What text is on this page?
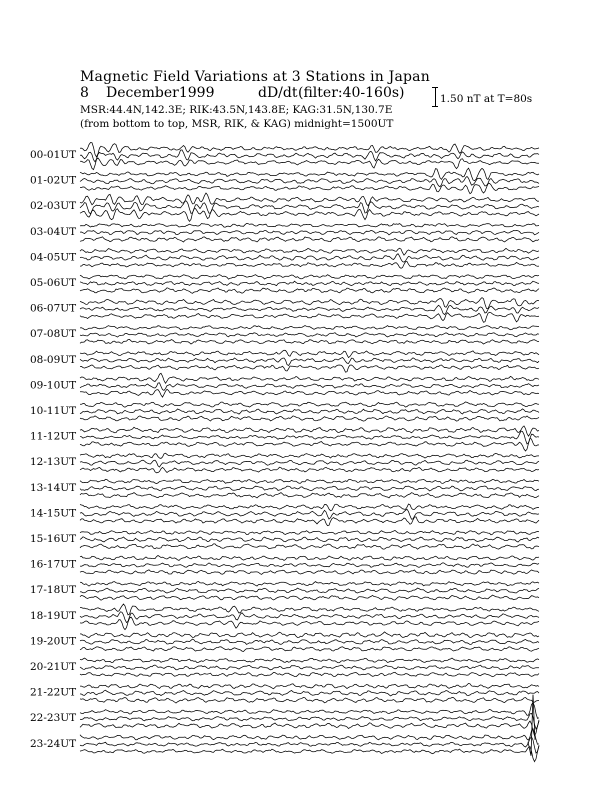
Magnetic Field Variations at 3 Stations in Japan
8 December1999	dD/dt (filter:40-160s)
MSR:44.4N,142.3E; RIK:43.5N,143.8E; KAG:31.5N,130.7E
(from bottom to top, MSR, RIK, & KAG) midnight=1500UT
1.50 nT at T=80s
00-01UT
01-02UT
02-03UT
03-04UT
04-05UT
05-06UT
06-07UT
07-08UT
08-09UT
09-10UT
10-11UT
11-12UT
12-13UT
13-14UT
14-15UT
15-16UT
16-17UT
17-18UT
18-19UT
19-20UT
20-21UT
21-22UT
22-23UT
23-24UT
